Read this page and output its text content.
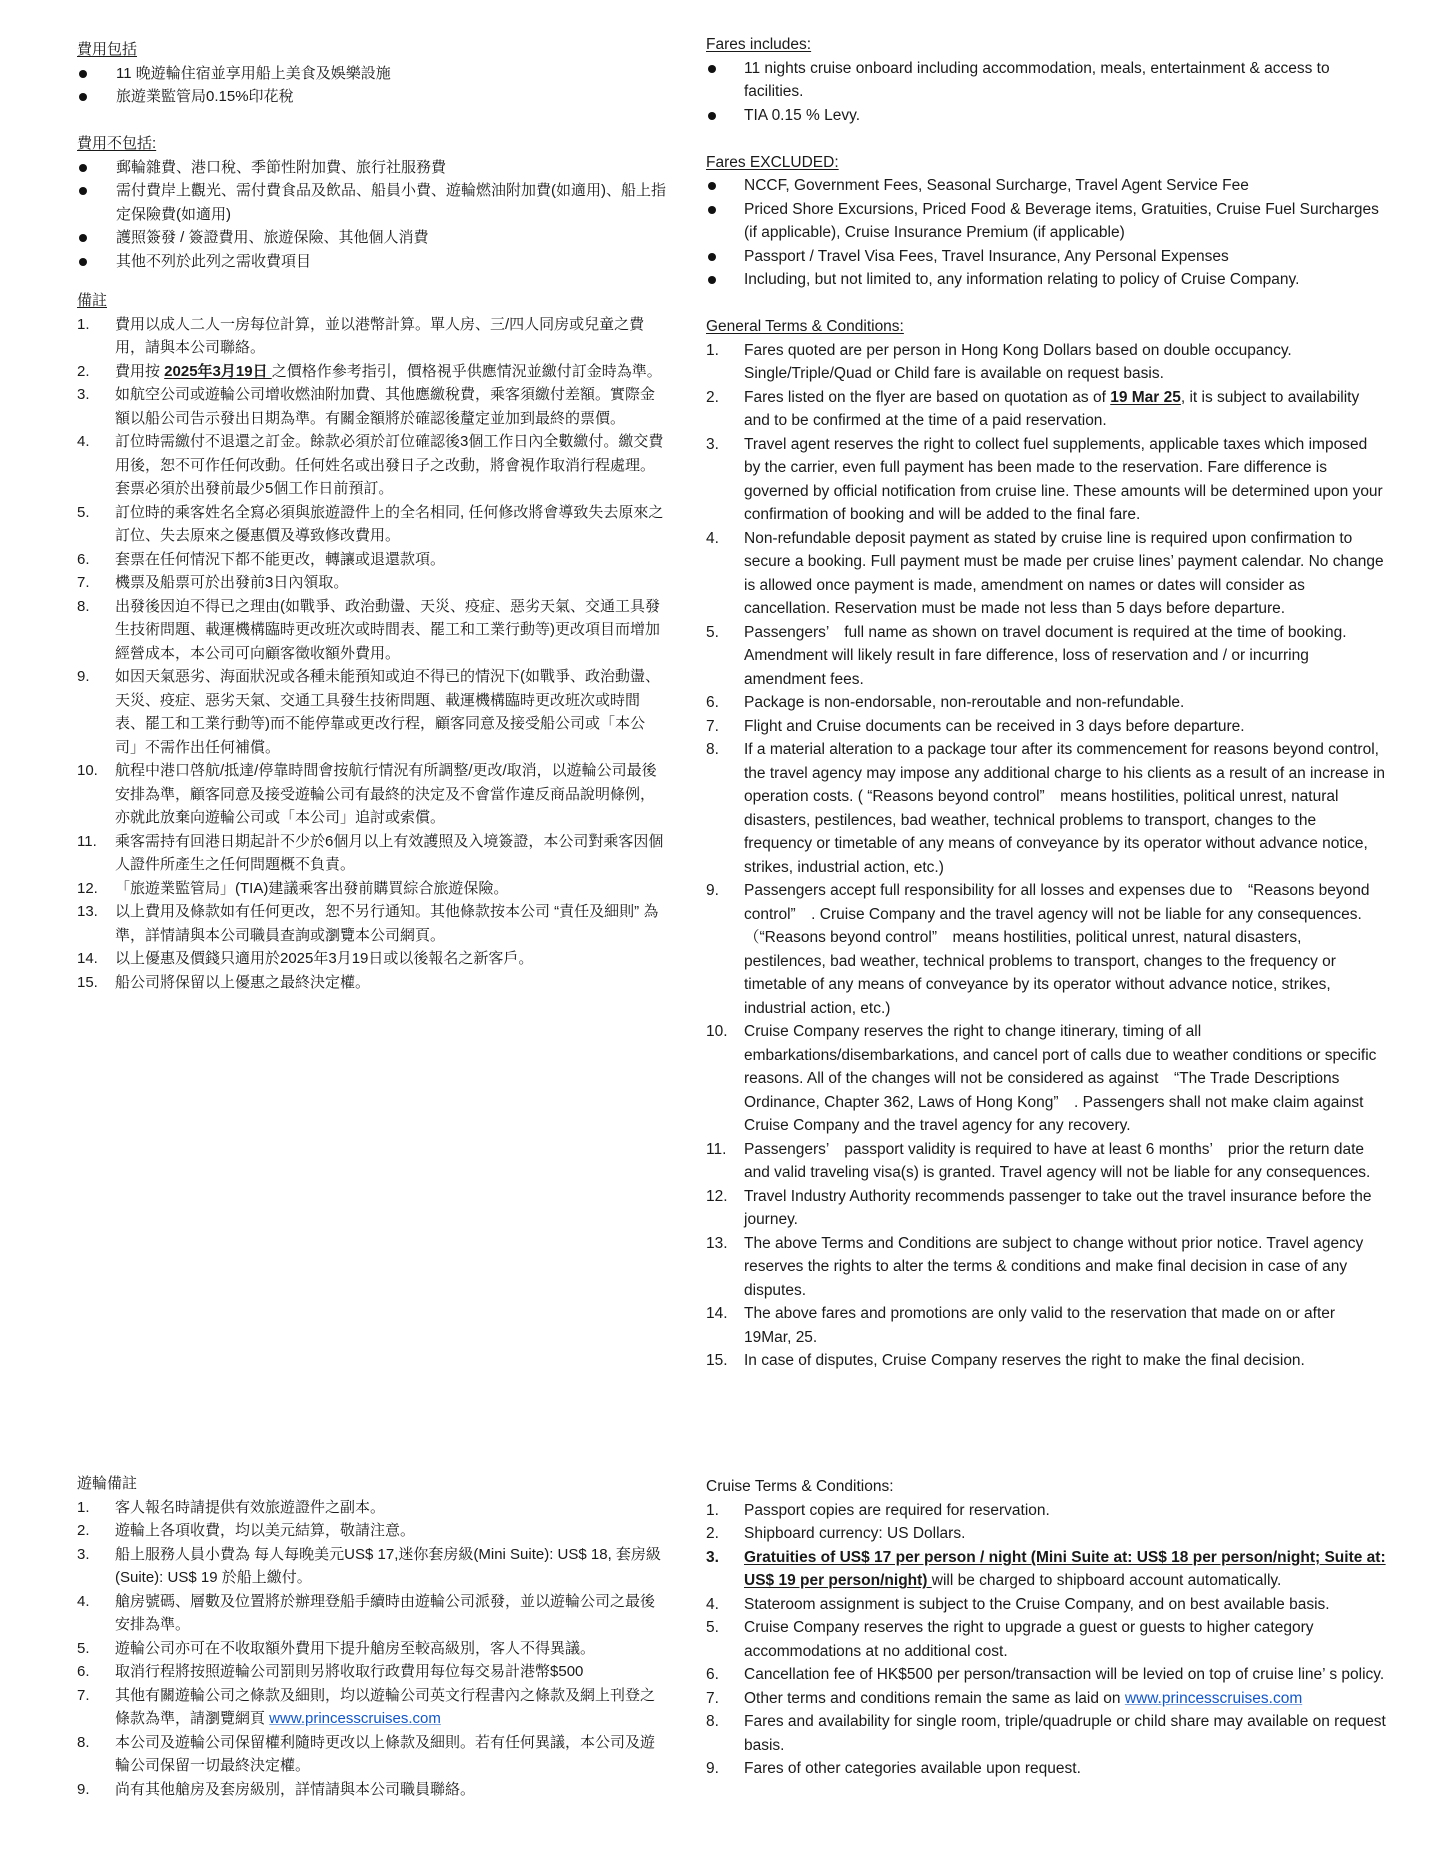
費用包括
11 晚遊輪住宿並享用船上美食及娛樂設施
旅遊業監管局0.15%印花稅
費用不包括:
郵輪雜費、港口稅、季節性附加費、旅行社服務費
需付費岸上觀光、需付費食品及飲品、船員小費、遊輪燃油附加費(如適用)、船上指定保險費(如適用)
護照簽發 / 簽證費用、旅遊保險、其他個人消費
其他不列於此列之需收費項目
備註
1. 費用以成人二人一房每位計算，並以港幣計算。單人房、三/四人同房或兒童之費用，請與本公司聯絡。
2. 費用按 2025年3月19日 之價格作參考指引，價格視乎供應情況並繳付訂金時為準。
3. 如航空公司或遊輪公司增收燃油附加費、其他應繳稅費，乘客須繳付差額。實際金額以船公司告示發出日期為準。有關金額將於確認後釐定並加到最終的票價。
4. 訂位時需繳付不退還之訂金。餘款必須於訂位確認後3個工作日內全數繳付。繳交費用後，恕不可作任何改動。任何姓名或出發日子之改動，將會視作取消行程處理。套票必須於出發前最少5個工作日前預訂。
5. 訂位時的乘客姓名全寫必須與旅遊證件上的全名相同, 任何修改將會導致失去原來之訂位、失去原來之優惠價及導致修改費用。
6. 套票在任何情況下都不能更改，轉讓或退還款項。
7. 機票及船票可於出發前3日內領取。
8. 出發後因迫不得已之理由(如戰爭、政治動盪、天災、疫症、惡劣天氣、交通工具發生技術問題、載運機構臨時更改班次或時間表、罷工和工業行動等)更改項目而增加經營成本，本公司可向顧客徵收額外費用。
9. 如因天氣惡劣、海面狀況或各種未能預知或迫不得已的情況下(如戰爭、政治動盪、天災、疫症、惡劣天氣、交通工具發生技術問題、載運機構臨時更改班次或時間表、罷工和工業行動等)而不能停靠或更改行程，顧客同意及接受船公司或「本公司」不需作出任何補償。
10. 航程中港口啓航/抵達/停靠時間會按航行情況有所調整/更改/取消，以遊輪公司最後安排為準，顧客同意及接受遊輪公司有最終的決定及不會當作違反商品說明條例，亦就此放棄向遊輪公司或「本公司」追討或索償。
11. 乘客需持有回港日期起計不少於6個月以上有效護照及入境簽證，本公司對乘客因個人證件所產生之任何問題概不負責。
12. 「旅遊業監管局」(TIA)建議乘客出發前購買綜合旅遊保險。
13. 以上費用及條款如有任何更改，恕不另行通知。其他條款按本公司 “責任及細則” 為準，詳情請與本公司職員查詢或瀏覽本公司網頁。
14. 以上優惠及價錢只適用於2025年3月19日或以後報名之新客戶。
15. 船公司將保留以上優惠之最終決定權。
遊輪備註
1. 客人報名時請提供有效旅遊證件之副本。
2. 遊輪上各項收費，均以美元結算，敬請注意。
3. 船上服務人員小費為 每人每晚美元US$ 17,迷你套房級(Mini Suite): US$ 18, 套房級(Suite): US$ 19 於船上繳付。
4. 艙房號碼、層數及位置將於辦理登船手續時由遊輪公司派發，並以遊輪公司之最後安排為準。
5. 遊輪公司亦可在不收取額外費用下提升艙房至較高級別，客人不得異議。
6. 取消行程將按照遊輪公司罰則另將收取行政費用每位每交易計港幣$500
7. 其他有關遊輪公司之條款及細則，均以遊輪公司英文行程書內之條款及網上刊登之條款為準，請瀏覽網頁 www.princesscruises.com
8. 本公司及遊輪公司保留權利隨時更改以上條款及細則。若有任何異議，本公司及遊輪公司保留一切最終決定權。
9. 尚有其他艙房及套房級別，詳情請與本公司職員聯絡。
Fares includes:
11 nights cruise onboard including accommodation, meals, entertainment & access to facilities.
TIA 0.15 % Levy.
Fares EXCLUDED:
NCCF, Government Fees, Seasonal Surcharge, Travel Agent Service Fee
Priced Shore Excursions, Priced Food & Beverage items, Gratuities, Cruise Fuel Surcharges (if applicable), Cruise Insurance Premium (if applicable)
Passport / Travel Visa Fees, Travel Insurance, Any Personal Expenses
Including, but not limited to, any information relating to policy of Cruise Company.
General Terms & Conditions:
1. Fares quoted are per person in Hong Kong Dollars based on double occupancy. Single/Triple/Quad or Child fare is available on request basis.
2. Fares listed on the flyer are based on quotation as of 19 Mar 25, it is subject to availability and to be confirmed at the time of a paid reservation.
3. Travel agent reserves the right to collect fuel supplements, applicable taxes which imposed by the carrier, even full payment has been made to the reservation. Fare difference is governed by official notification from cruise line. These amounts will be determined upon your confirmation of booking and will be added to the final fare.
4. Non-refundable deposit payment as stated by cruise line is required upon confirmation to secure a booking. Full payment must be made per cruise lines’ payment calendar. No change is allowed once payment is made, amendment on names or dates will consider as cancellation. Reservation must be made not less than 5 days before departure.
5. Passengers’　full name as shown on travel document is required at the time of booking. Amendment will likely result in fare difference, loss of reservation and / or incurring amendment fees.
6. Package is non-endorsable, non-reroutable and non-refundable.
7. Flight and Cruise documents can be received in 3 days before departure.
8. If a material alteration to a package tour after its commencement for reasons beyond control, the travel agency may impose any additional charge to his clients as a result of an increase in operation costs. ( “Reasons beyond control”　means hostilities, political unrest, natural disasters, pestilences, bad weather, technical problems to transport, changes to the frequency or timetable of any means of conveyance by its operator without advance notice, strikes, industrial action, etc.)
9. Passengers accept full responsibility for all losses and expenses due to　“Reasons beyond control”　. Cruise Company and the travel agency will not be liable for any consequences.（“Reasons beyond control”　means hostilities, political unrest, natural disasters, pestilences, bad weather, technical problems to transport, changes to the frequency or timetable of any means of conveyance by its operator without advance notice, strikes, industrial action, etc.)
10. Cruise Company reserves the right to change itinerary, timing of all embarkations/disembarkations, and cancel port of calls due to weather conditions or specific reasons. All of the changes will not be considered as against　“The Trade Descriptions Ordinance, Chapter 362, Laws of Hong Kong”　. Passengers shall not make claim against Cruise Company and the travel agency for any recovery.
11. Passengers’　passport validity is required to have at least 6 months’　prior the return date and valid traveling visa(s) is granted. Travel agency will not be liable for any consequences.
12. Travel Industry Authority recommends passenger to take out the travel insurance before the journey.
13. The above Terms and Conditions are subject to change without prior notice. Travel agency reserves the rights to alter the terms & conditions and make final decision in case of any disputes.
14. The above fares and promotions are only valid to the reservation that made on or after 19Mar, 25.
15. In case of disputes, Cruise Company reserves the right to make the final decision.
Cruise Terms & Conditions:
1. Passport copies are required for reservation.
2. Shipboard currency: US Dollars.
3. Gratuities of US$ 17 per person / night (Mini Suite at: US$ 18 per person/night; Suite at: US$ 19 per person/night) will be charged to shipboard account automatically.
4. Stateroom assignment is subject to the Cruise Company, and on best available basis.
5. Cruise Company reserves the right to upgrade a guest or guests to higher category accommodations at no additional cost.
6. Cancellation fee of HK$500 per person/transaction will be levied on top of cruise line’ s policy.
7. Other terms and conditions remain the same as laid on www.princesscruises.com
8. Fares and availability for single room, triple/quadruple or child share may available on request basis.
9. Fares of other categories available upon request.
